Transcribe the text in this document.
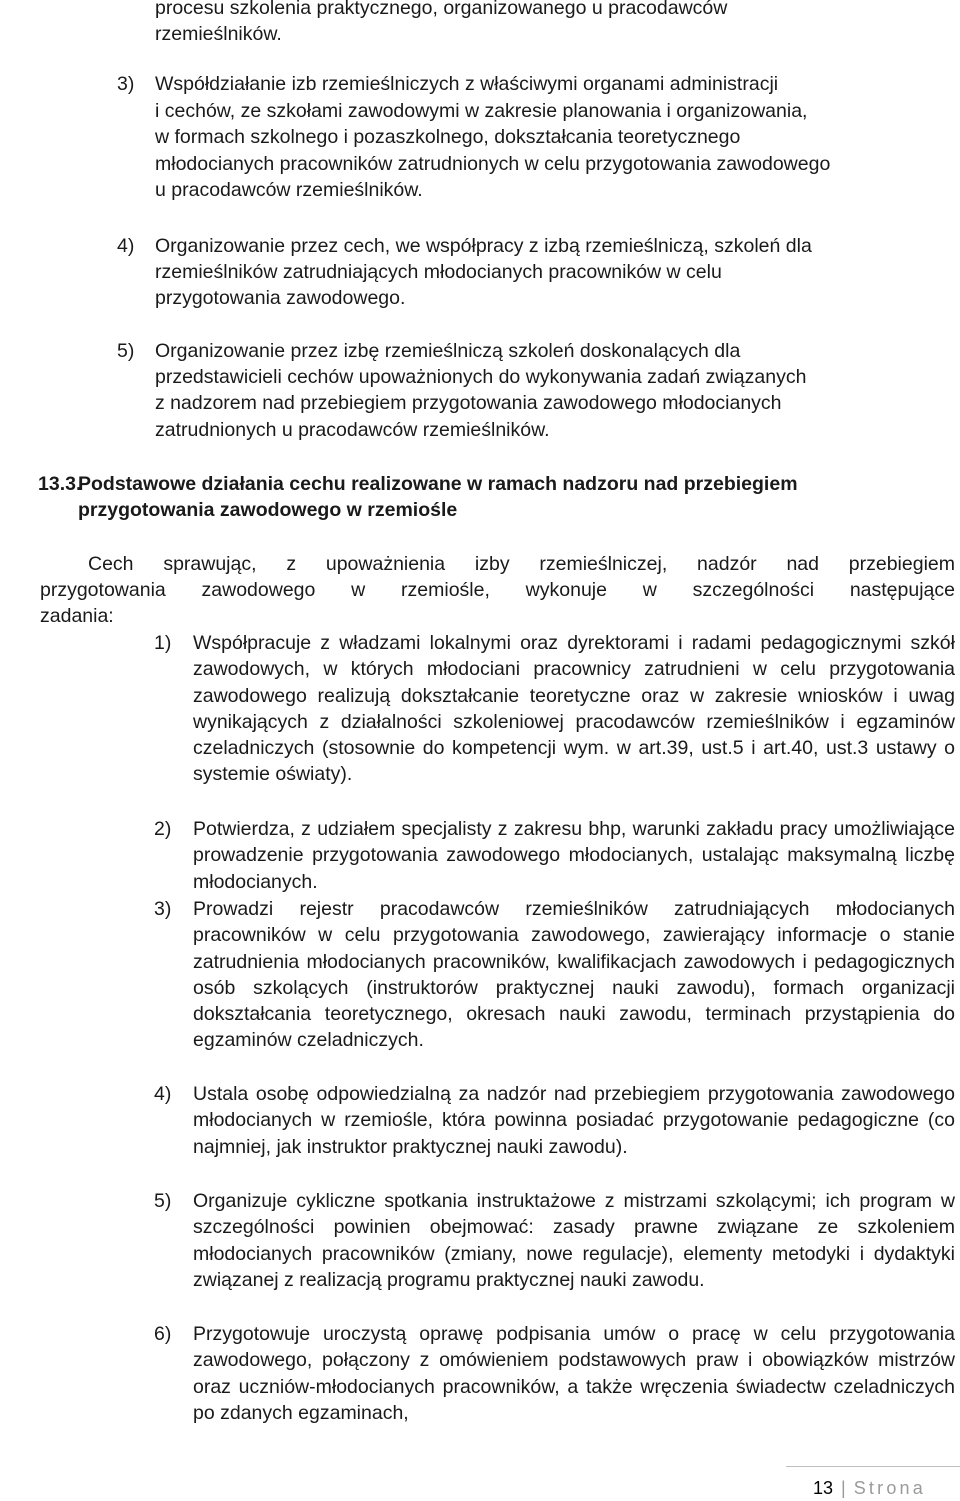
procesu szkolenia praktycznego, organizowanego u pracodawców
rzemieślników.
3) Współdziałanie izb rzemieślniczych z właściwymi organami administracji
i cechów, ze szkołami zawodowymi w zakresie planowania i organizowania,
w formach szkolnego i pozaszkolnego, dokształcania teoretycznego
młodocianych pracowników zatrudnionych w celu przygotowania zawodowego
u pracodawców rzemieślników.
4) Organizowanie przez cech, we współpracy z izbą rzemieślniczą, szkoleń dla
rzemieślników zatrudniających młodocianych pracowników w celu
przygotowania zawodowego.
5) Organizowanie przez izbę rzemieślniczą szkoleń doskonalących dla
przedstawicieli cechów upoważnionych do wykonywania zadań związanych
z nadzorem nad przebiegiem przygotowania zawodowego młodocianych
zatrudnionych u pracodawców rzemieślników.
13.3.
Podstawowe działania cechu realizowane w ramach nadzoru nad przebiegiem
przygotowania zawodowego w rzemiośle
Cech sprawując, z upoważnienia izby rzemieślniczej, nadzór nad przebiegiem
przygotowania zawodowego w rzemiośle, wykonuje w szczególności następujące
zadania:
1) Współpracuje z władzami lokalnymi oraz dyrektorami i radami pedagogicznymi szkół zawodowych, w których młodociani pracownicy zatrudnieni w celu przygotowania zawodowego realizują dokształcanie teoretyczne oraz w zakresie wniosków i uwag wynikających z działalności szkoleniowej pracodawców rzemieślników i egzaminów czeladniczych (stosownie do kompetencji wym. w art.39, ust.5 i art.40, ust.3 ustawy o systemie oświaty).
2) Potwierdza, z udziałem specjalisty z zakresu bhp, warunki zakładu pracy umożliwiające prowadzenie przygotowania zawodowego młodocianych, ustalając maksymalną liczbę młodocianych.
3) Prowadzi rejestr pracodawców rzemieślników zatrudniających młodocianych pracowników w celu przygotowania zawodowego, zawierający informacje o stanie zatrudnienia młodocianych pracowników, kwalifikacjach zawodowych i pedagogicznych osób szkolących (instruktorów praktycznej nauki zawodu), formach organizacji dokształcania teoretycznego, okresach nauki zawodu, terminach przystąpienia do egzaminów czeladniczych.
4) Ustala osobę odpowiedzialną za nadzór nad przebiegiem przygotowania zawodowego młodocianych w rzemiośle, która powinna posiadać przygotowanie pedagogiczne (co najmniej, jak instruktor praktycznej nauki zawodu).
5) Organizuje cykliczne spotkania instruktażowe z mistrzami szkolącymi; ich program w szczególności powinien obejmować: zasady prawne związane ze szkoleniem młodocianych pracowników (zmiany, nowe regulacje), elementy metodyki i dydaktyki związanej z realizacją programu praktycznej nauki zawodu.
6) Przygotowuje uroczystą oprawę podpisania umów o pracę w celu przygotowania zawodowego, połączony z omówieniem podstawowych praw i obowiązków mistrzów oraz uczniów-młodocianych pracowników, a także wręczenia świadectw czeladniczych po zdanych egzaminach,
13 | Strona
